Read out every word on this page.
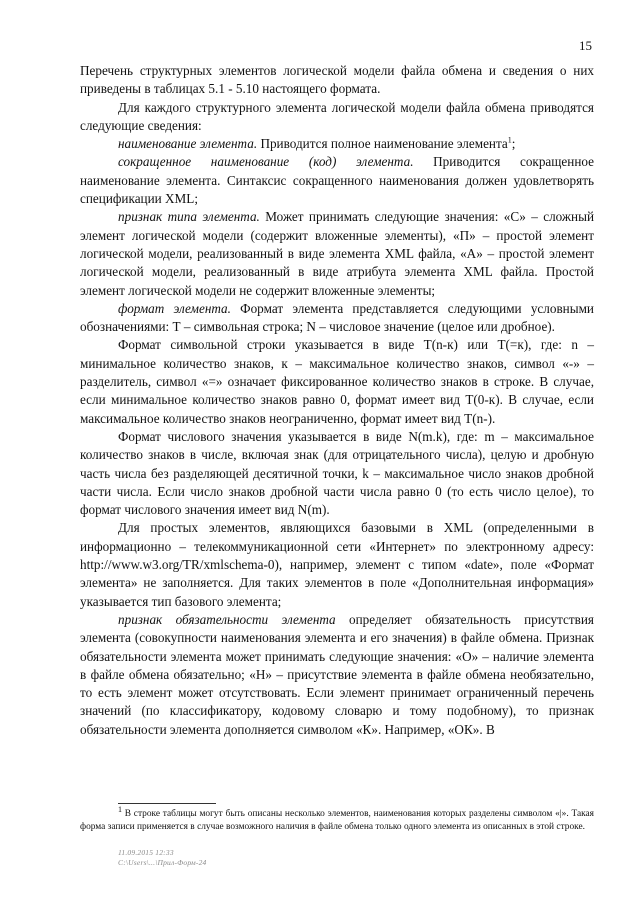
15

Перечень структурных элементов логической модели файла обмена и сведения о них приведены в таблицах 5.1 - 5.10 настоящего формата.

Для каждого структурного элемента логической модели файла обмена приводятся следующие сведения:

наименование элемента. Приводится полное наименование элемента$^1$;

сокращенное наименование (код) элемента. Приводится сокращенное наименование элемента. Синтаксис сокращенного наименования должен удовлетворять спецификации XML;

признак типа элемента. Может принимать следующие значения: «С» – сложный элемент логической модели (содержит вложенные элементы), «П» – простой элемент логической модели, реализованный в виде элемента XML файла, «А» – простой элемент логической модели, реализованный в виде атрибута элемента XML файла. Простой элемент логической модели не содержит вложенные элементы;

формат элемента. Формат элемента представляется следующими условными обозначениями: Т – символьная строка; N – числовое значение (целое или дробное).

Формат символьной строки указывается в виде Т(n-к) или Т(=к), где: n – минимальное количество знаков, к – максимальное количество знаков, символ «-» – разделитель, символ «=» означает фиксированное количество знаков в строке. В случае, если минимальное количество знаков равно 0, формат имеет вид Т(0-к). В случае, если максимальное количество знаков неограниченно, формат имеет вид Т(n-).

Формат числового значения указывается в виде N(m.k), где: m – максимальное количество знаков в числе, включая знак (для отрицательного числа), целую и дробную часть числа без разделяющей десятичной точки, k – максимальное число знаков дробной части числа. Если число знаков дробной части числа равно 0 (то есть число целое), то формат числового значения имеет вид N(m).

Для простых элементов, являющихся базовыми в XML (определенными в информационно – телекоммуникационной сети «Интернет» по электронному адресу: http://www.w3.org/TR/xmlschema-0), например, элемент с типом «date», поле «Формат элемента» не заполняется. Для таких элементов в поле «Дополнительная информация» указывается тип базового элемента;

признак обязательности элемента определяет обязательность присутствия элемента (совокупности наименования элемента и его значения) в файле обмена. Признак обязательности элемента может принимать следующие значения: «О» – наличие элемента в файле обмена обязательно; «Н» – присутствие элемента в файле обмена необязательно, то есть элемент может отсутствовать. Если элемент принимает ограниченный перечень значений (по классификатору, кодовому словарю и тому подобному), то признак обязательности элемента дополняется символом «К». Например, «ОК». В

1 В строке таблицы могут быть описаны несколько элементов, наименования которых разделены символом «|». Такая форма записи применяется в случае возможного наличия в файле обмена только одного элемента из описанных в этой строке.

11.09.2015 12:33
C:\Users\...\Прил-Форм-24
